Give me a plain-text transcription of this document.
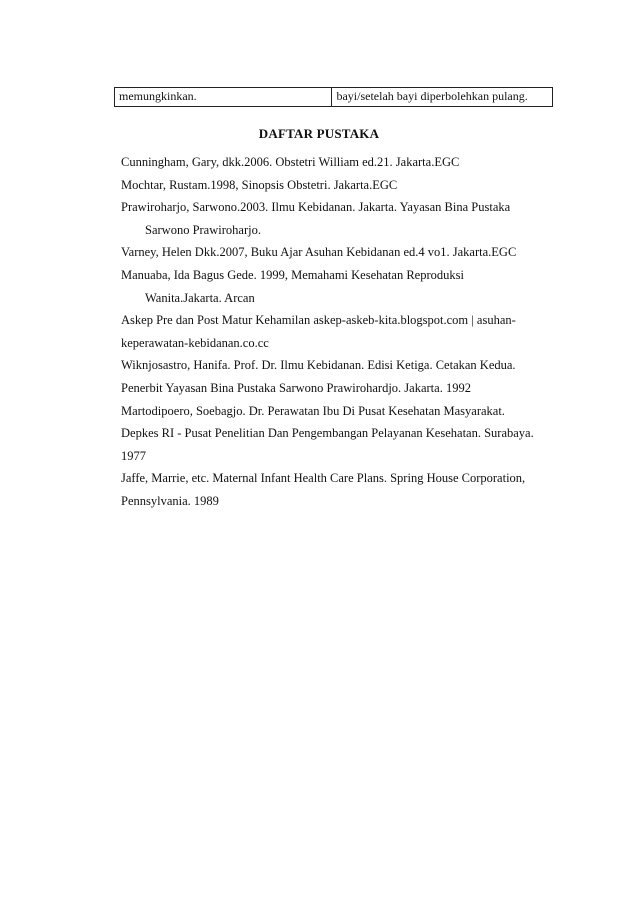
memungkinkan.	bayi/setelah bayi diperbolehkan pulang.
DAFTAR PUSTAKA
Cunningham, Gary, dkk.2006. Obstetri William ed.21. Jakarta.EGC
Mochtar, Rustam.1998, Sinopsis Obstetri. Jakarta.EGC
Prawiroharjo, Sarwono.2003. Ilmu Kebidanan. Jakarta. Yayasan Bina Pustaka
Sarwono Prawiroharjo.
Varney, Helen Dkk.2007, Buku Ajar Asuhan Kebidanan ed.4 vo1. Jakarta.EGC
Manuaba, Ida Bagus Gede. 1999, Memahami Kesehatan Reproduksi
Wanita.Jakarta. Arcan
Askep Pre dan Post Matur Kehamilan askep-askeb-kita.blogspot.com | asuhan-
keperawatan-kebidanan.co.cc
Wiknjosastro, Hanifa. Prof. Dr. Ilmu Kebidanan. Edisi Ketiga. Cetakan Kedua.
Penerbit Yayasan Bina Pustaka Sarwono Prawirohardjo. Jakarta. 1992
Martodipoero, Soebagjo. Dr. Perawatan Ibu Di Pusat Kesehatan Masyarakat.
Depkes RI - Pusat Penelitian Dan Pengembangan Pelayanan Kesehatan. Surabaya.
1977
Jaffe, Marrie, etc. Maternal Infant Health Care Plans. Spring House Corporation,
Pennsylvania. 1989
